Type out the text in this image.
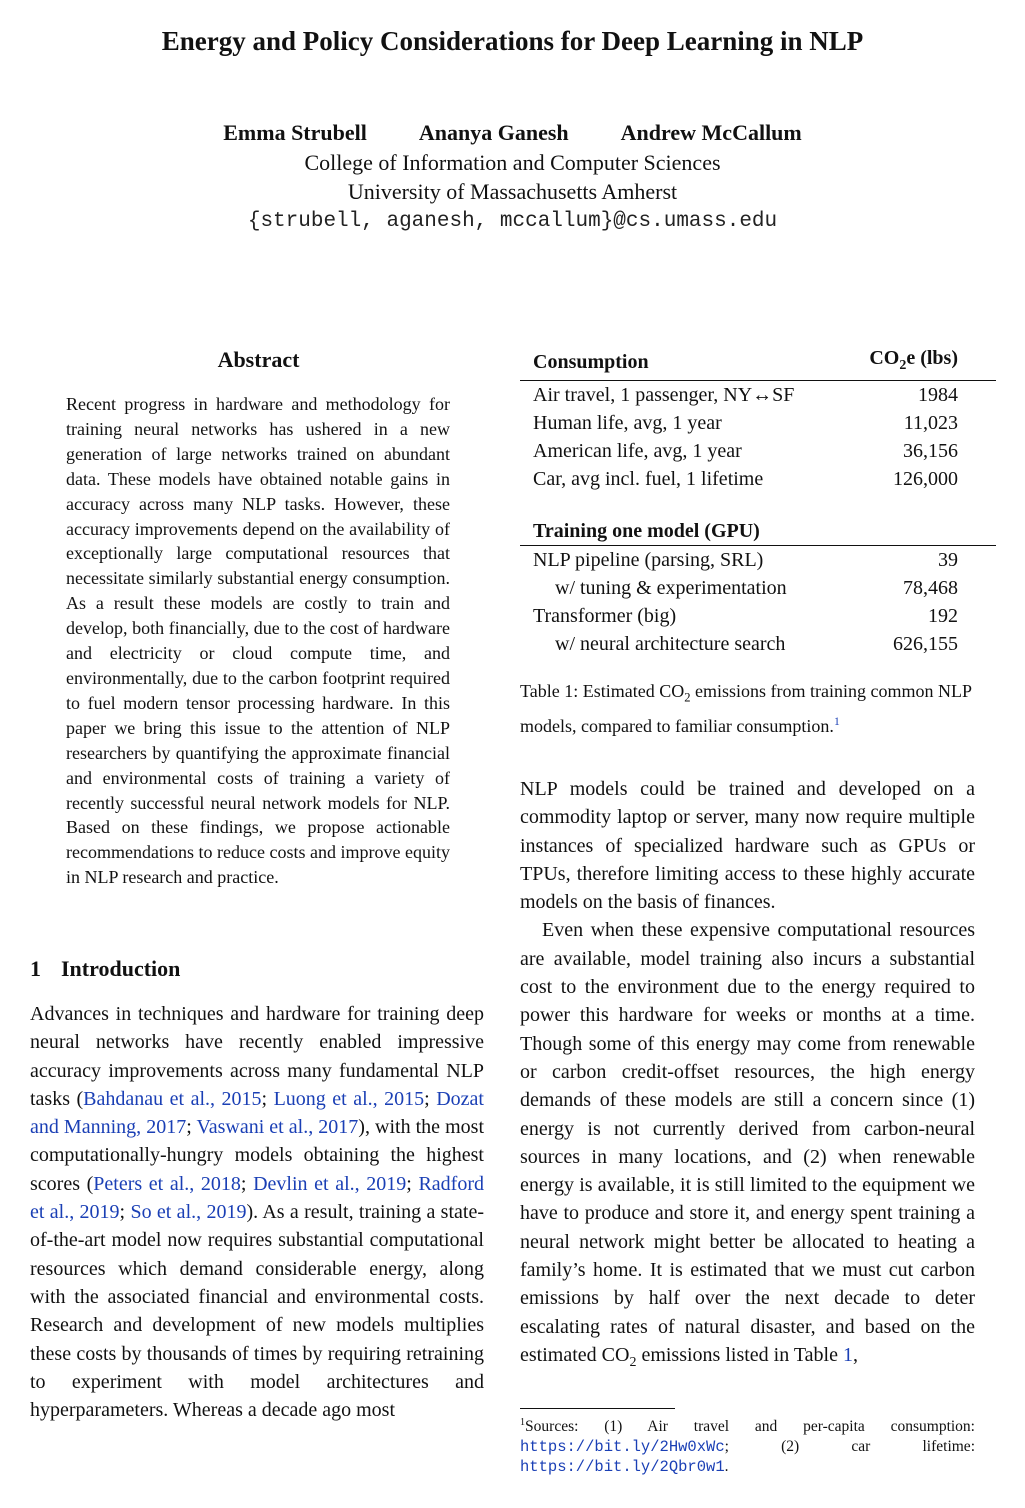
Energy and Policy Considerations for Deep Learning in NLP
Emma Strubell Ananya Ganesh Andrew McCallum
College of Information and Computer Sciences
University of Massachusetts Amherst
{strubell, aganesh, mccallum}@cs.umass.edu
Abstract
Recent progress in hardware and methodology for training neural networks has ushered in a new generation of large networks trained on abundant data. These models have obtained notable gains in accuracy across many NLP tasks. However, these accuracy improvements depend on the availability of exceptionally large computational resources that necessitate similarly substantial energy consumption. As a result these models are costly to train and develop, both financially, due to the cost of hardware and electricity or cloud compute time, and environmentally, due to the carbon footprint required to fuel modern tensor processing hardware. In this paper we bring this issue to the attention of NLP researchers by quantifying the approximate financial and environmental costs of training a variety of recently successful neural network models for NLP. Based on these findings, we propose actionable recommendations to reduce costs and improve equity in NLP research and practice.
1 Introduction
Advances in techniques and hardware for training deep neural networks have recently enabled impressive accuracy improvements across many fundamental NLP tasks (Bahdanau et al., 2015; Luong et al., 2015; Dozat and Manning, 2017; Vaswani et al., 2017), with the most computationally-hungry models obtaining the highest scores (Peters et al., 2018; Devlin et al., 2019; Radford et al., 2019; So et al., 2019). As a result, training a state-of-the-art model now requires substantial computational resources which demand considerable energy, along with the associated financial and environmental costs. Research and development of new models multiplies these costs by thousands of times by requiring retraining to experiment with model architectures and hyperparameters. Whereas a decade ago most
Consumption	$CO_2e$ (lbs)
Air travel, 1 passenger, NY↔SF	1984
Human life, avg, 1 year	11,023
American life, avg, 1 year	36,156
Car, avg incl. fuel, 1 lifetime	126,000

Training one model (GPU)	
NLP pipeline (parsing, SRL)	39
w/ tuning & experimentation	78,468
Transformer (big)	192
w/ neural architecture search	626,155
Table 1: Estimated $CO_2$ emissions from training common NLP models, compared to familiar consumption.$^1$

NLP models could be trained and developed on a commodity laptop or server, many now require multiple instances of specialized hardware such as GPUs or TPUs, therefore limiting access to these highly accurate models on the basis of finances.

Even when these expensive computational resources are available, model training also incurs a substantial cost to the environment due to the energy required to power this hardware for weeks or months at a time. Though some of this energy may come from renewable or carbon credit-offset resources, the high energy demands of these models are still a concern since (1) energy is not currently derived from carbon-neural sources in many locations, and (2) when renewable energy is available, it is still limited to the equipment we have to produce and store it, and energy spent training a neural network might better be allocated to heating a family’s home. It is estimated that we must cut carbon emissions by half over the next decade to deter escalating rates of natural disaster, and based on the estimated $CO_2$ emissions listed in Table 1,

$^1$Sources: (1) Air travel and per-capita consumption: https://bit.ly/2Hw0xWc; (2) car lifetime: https://bit.ly/2Qbr0w1.
